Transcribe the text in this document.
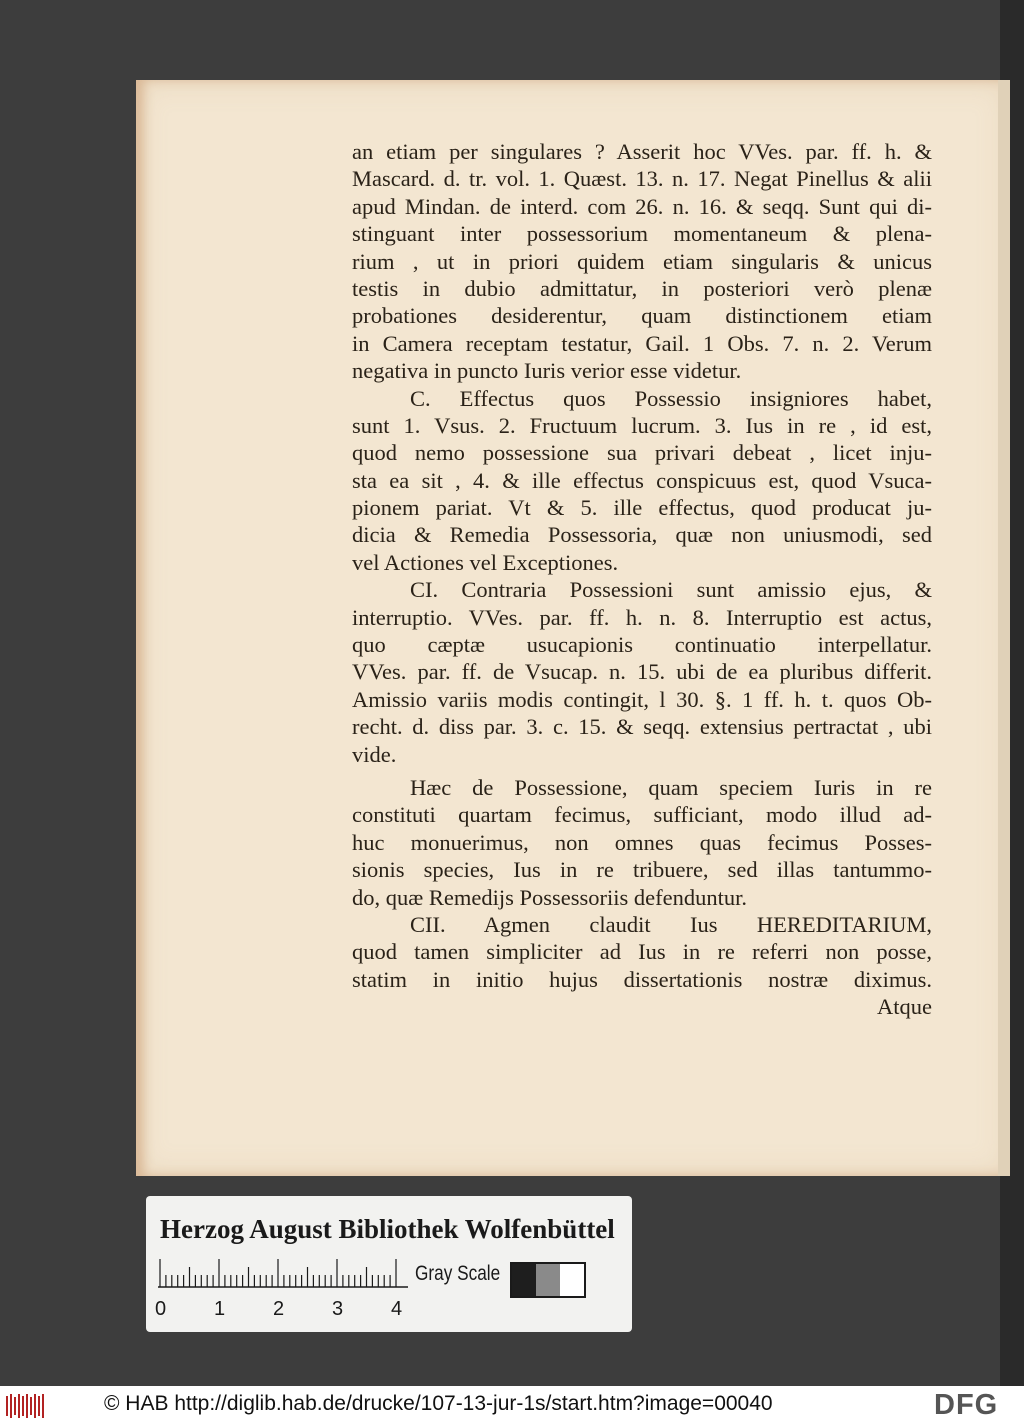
an etiam per singulares ? Asserit hoc VVes. par. ff. h. &
Mascard. d. tr. vol. 1. Quæst. 13. n. 17. Negat Pinellus & alii
apud Mindan. de interd. com 26. n. 16. & seqq. Sunt qui di-
stinguant inter possessorium momentaneum & plena-
rium , ut in priori quidem etiam singularis & unicus
testis in dubio admittatur, in posteriori verò plenæ
probationes desiderentur, quam distinctionem etiam
in Camera receptam testatur, Gail. 1 Obs. 7. n. 2. Verum
negativa in puncto Iuris verior esse videtur.
C. Effectus quos Possessio insigniores habet,
sunt 1. Vsus. 2. Fructuum lucrum. 3. Ius in re , id est,
quod nemo possessione sua privari debeat , licet inju-
sta ea sit , 4. & ille effectus conspicuus est, quod Vsuca-
pionem pariat. Vt & 5. ille effectus, quod producat ju-
dicia & Remedia Possessoria, quæ non uniusmodi, sed
vel Actiones vel Exceptiones.
CI. Contraria Possessioni sunt amissio ejus, &
interruptio. VVes. par. ff. h. n. 8. Interruptio est actus,
quo cæptæ usucapionis continuatio interpellatur.
VVes. par. ff. de Vsucap. n. 15. ubi de ea pluribus differit.
Amissio variis modis contingit, l 30. §. 1 ff. h. t. quos Ob-
recht. d. diss par. 3. c. 15. & seqq. extensius pertractat , ubi
vide.
Hæc de Possessione, quam speciem Iuris in re
constituti quartam fecimus, sufficiant, modo illud ad-
huc monuerimus, non omnes quas fecimus Posses-
sionis species, Ius in re tribuere, sed illas tantummo-
do, quæ Remedijs Possessoriis defenduntur.
CII. Agmen claudit Ius HEREDITARIUM,
quod tamen simpliciter ad Ius in re referri non posse,
statim in initio hujus dissertationis nostræ diximus.
Atque
Herzog August Bibliothek Wolfenbüttel
0 1 2 3 4
Gray Scale
© HAB http://diglib.hab.de/drucke/107-13-jur-1s/start.htm?image=00040	DFG
